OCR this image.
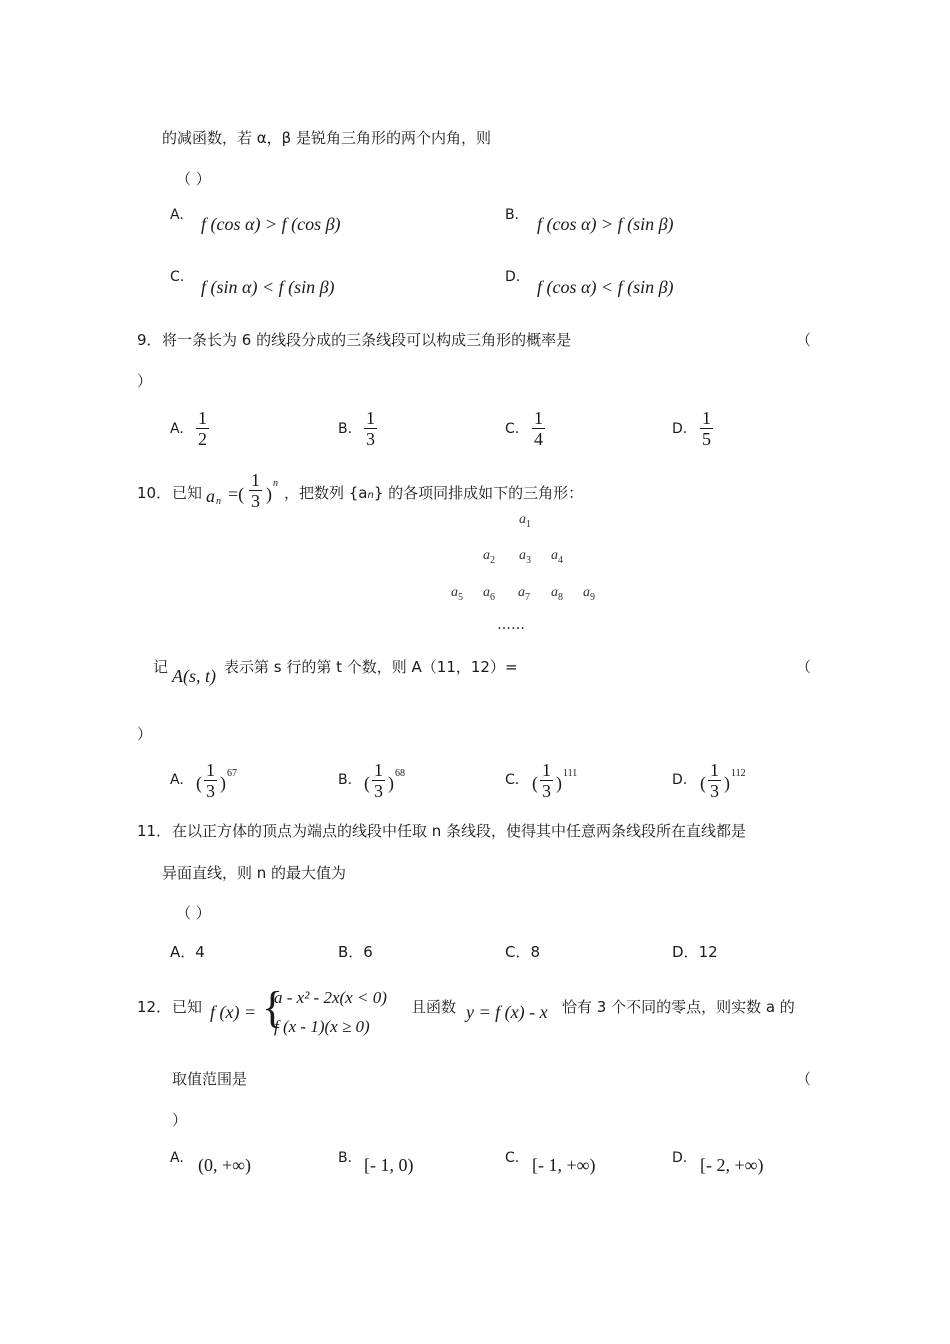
的减函数，若 α，β 是锐角三角形的两个内角，则
（ ）
A. f (cos α) > f (cos β)	B. f (cos α) > f (sin β)
C. f (sin α) < f (sin β)	D. f (cos α) < f (sin β)
9． 将一条长为 6 的线段分成的三条线段可以构成三角形的概率是	（
）
A. $\frac{1}{2}$	B. $\frac{1}{3}$	C. $\frac{1}{4}$	D. $\frac{1}{5}$
10． 已知 a n =( $\frac{1}{3}$ )
n
，把数列 {an} 的各项同排成如下的三角形：
$a_1$
$a_2$ $a_3$ $a_4$
$a_5$ $a_6$ $a_7$ $a_8$ $a_9$
……
记 A(s, t) 表示第 s 行的第 t 个数，则 A（11，12）=	（
）
A. ( $\frac{1}{3}$ ) 67	B. ( $\frac{1}{3}$ ) 68	C. ( $\frac{1}{3}$ ) 111	D. ( $\frac{1}{3}$ ) 112
11． 在以正方体的顶点为端点的线段中任取 n 条线段，使得其中任意两条线段所在直线都是
异面直线，则 n 的最大值为
（ ）
A．4	B．6	C．8	D．12
12． 已知 f (x) = {
a - x² - 2x(x < 0)
f (x - 1)(x ≥ 0)
且函数 y = f (x) - x 恰有 3 个不同的零点，则实数 a 的
取值范围是	（
）
A. (0, +∞)	B. [- 1, 0)	C. [- 1, +∞)	D. [- 2, +∞)
